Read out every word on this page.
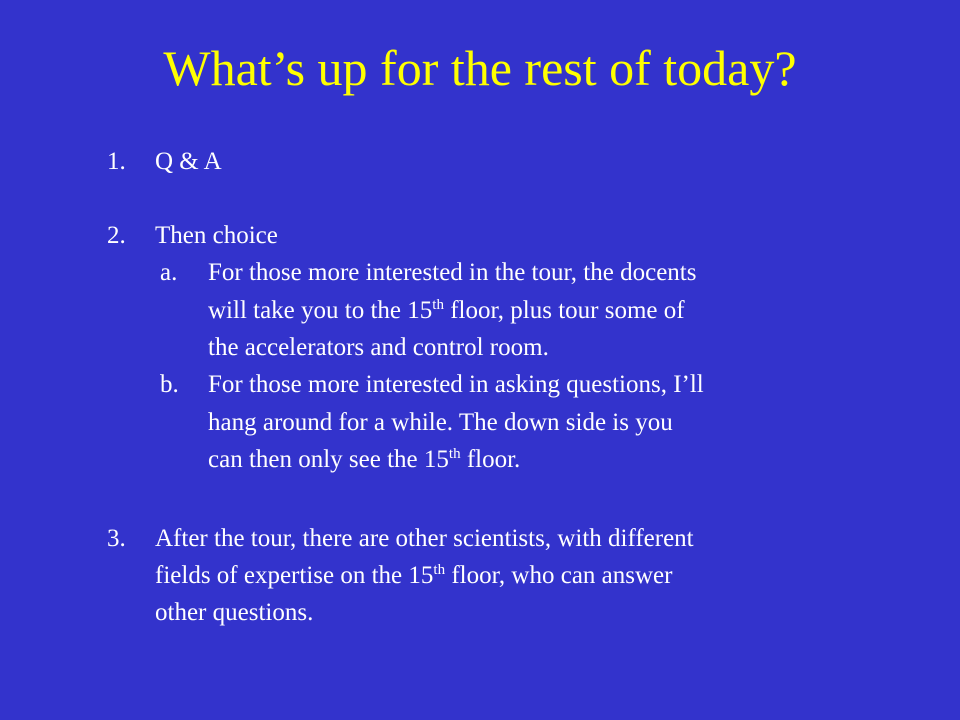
What’s up for the rest of today?
1. Q & A
2. Then choice
a. For those more interested in the tour, the docents
will take you to the 15th floor, plus tour some of
the accelerators and control room.
b. For those more interested in asking questions, I’ll
hang around for a while. The down side is you
can then only see the 15th floor.
3. After the tour, there are other scientists, with different
fields of expertise on the 15th floor, who can answer
other questions.
